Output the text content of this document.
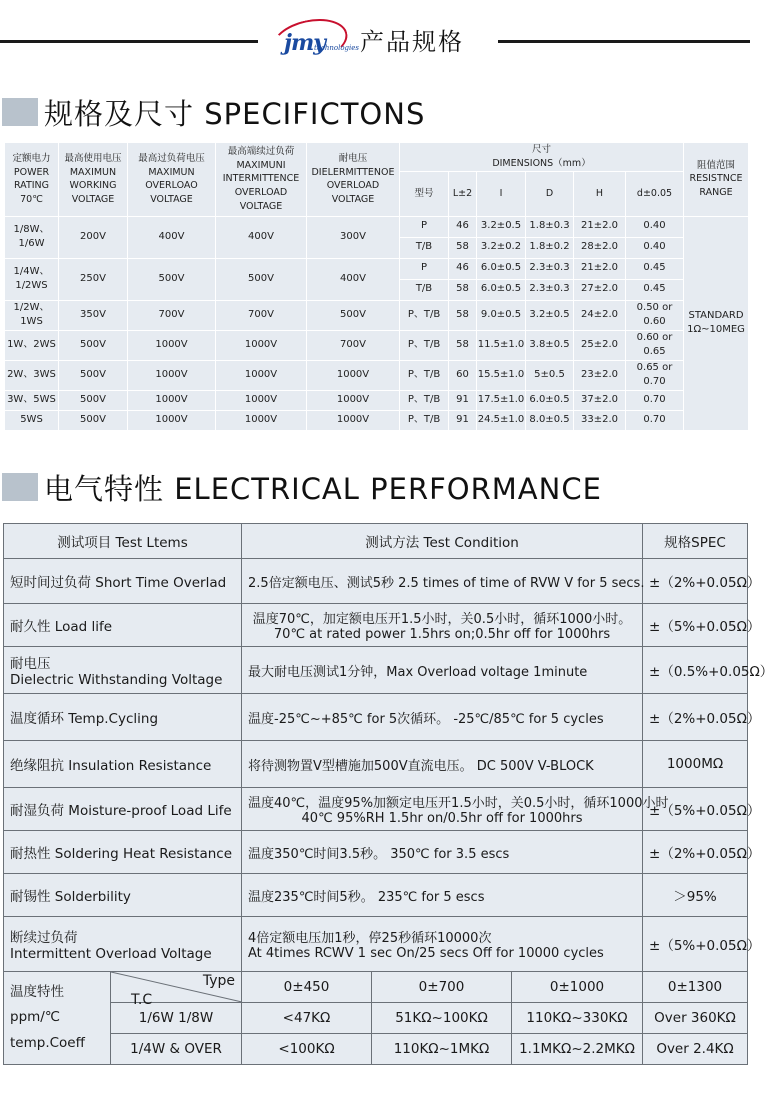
jmy
technologies 产品规格
规格及尺寸 SPECIFICTONS
定额电力
POWER
RATING
70℃	最高使用电压
MAXIMUN
WORKING
VOLTAGE	最高过负荷电压
MAXIMUN
OVERLOAO
VOLTAGE	最高端续过负荷
MAXIMUNI
INTERMITTENCE
OVERLOAD
VOLTAGE	耐电压
DIELERMITTENOE
OVERLOAD
VOLTAGE	尺寸
DIMENSIONS（mm）						阻值范围
RESISTNCE
RANGE
					型号	L±2	I	D	H	d±0.05	
1/8W、1/6W	200V	400V	400V	300V	P	46	3.2±0.5	1.8±0.3	21±2.0	0.40	STANDARD
1Ω~10MEG
					T/B	58	3.2±0.2	1.8±0.2	28±2.0	0.40	
1/4W、
1/2WS	250V	500V	500V	400V	P	46	6.0±0.5	2.3±0.3	21±2.0	0.45	
					T/B	58	6.0±0.5	2.3±0.3	27±2.0	0.45	
1/2W、1WS	350V	700V	700V	500V	P、T/B	58	9.0±0.5	3.2±0.5	24±2.0	0.50 or 0.60	
1W、2WS	500V	1000V	1000V	700V	P、T/B	58	11.5±1.0	3.8±0.5	25±2.0	0.60 or 0.65	
2W、3WS	500V	1000V	1000V	1000V	P、T/B	60	15.5±1.0	5±0.5	23±2.0	0.65 or 0.70	
3W、5WS	500V	1000V	1000V	1000V	P、T/B	91	17.5±1.0	6.0±0.5	37±2.0	0.70	
5WS	500V	1000V	1000V	1000V	P、T/B	91	24.5±1.0	8.0±0.5	33±2.0	0.70	
电气特性 ELECTRICAL PERFORMANCE
测试项目 Test Ltems		测试方法 Test Condition			规格SPEC
短时间过负荷 Short Time Overlad		2.5倍定额电压、测试5秒 2.5 times of time of RVW V for 5 secs.			±（2%+0.05Ω）
耐久性 Load life		温度70℃，加定额电压开1.5小时，关0.5小时，循环1000小时。
70℃ at rated power 1.5hrs on;0.5hr off for 1000hrs			±（5%+0.05Ω）
耐电压
Dielectric Withstanding Voltage		最大耐电压测试1分钟，Max Overload voltage 1minute			±（0.5%+0.05Ω）
温度循环 Temp.Cycling		温度-25℃~+85℃ for 5次循环。 -25℃/85℃ for 5 cycles			±（2%+0.05Ω）
绝缘阻抗 Insulation Resistance		将待测物置V型槽施加500V直流电压。 DC 500V V-BLOCK			1000MΩ
耐湿负荷 Moisture-proof Load Life		温度40℃，温度95%加额定电压开1.5小时，关0.5小时，循环1000小时
40℃ 95%RH 1.5hr on/0.5hr off for 1000hrs			±（5%+0.05Ω）
耐热性 Soldering Heat Resistance		温度350℃时间3.5秒。 350℃ for 3.5 escs			±（2%+0.05Ω）
耐锡性 Solderbility		温度235℃时间5秒。 235℃ for 5 escs			＞95%
断续过负荷
Intermittent Overload Voltage		4倍定额电压加1秒，停25秒循环10000次
At 4times RCWV 1 sec On/25 secs Off for 10000 cycles			±（5%+0.05Ω）
温度特性
ppm/℃
temp.Coeff	Type
T.C	0±450	0±700	0±1000	0±1300
	1/6W 1/8W	<47KΩ	51KΩ~100KΩ	110KΩ~330KΩ	Over 360KΩ
	1/4W & OVER	<100KΩ	110KΩ~1MKΩ	1.1MKΩ~2.2MKΩ	Over 2.4KΩ
